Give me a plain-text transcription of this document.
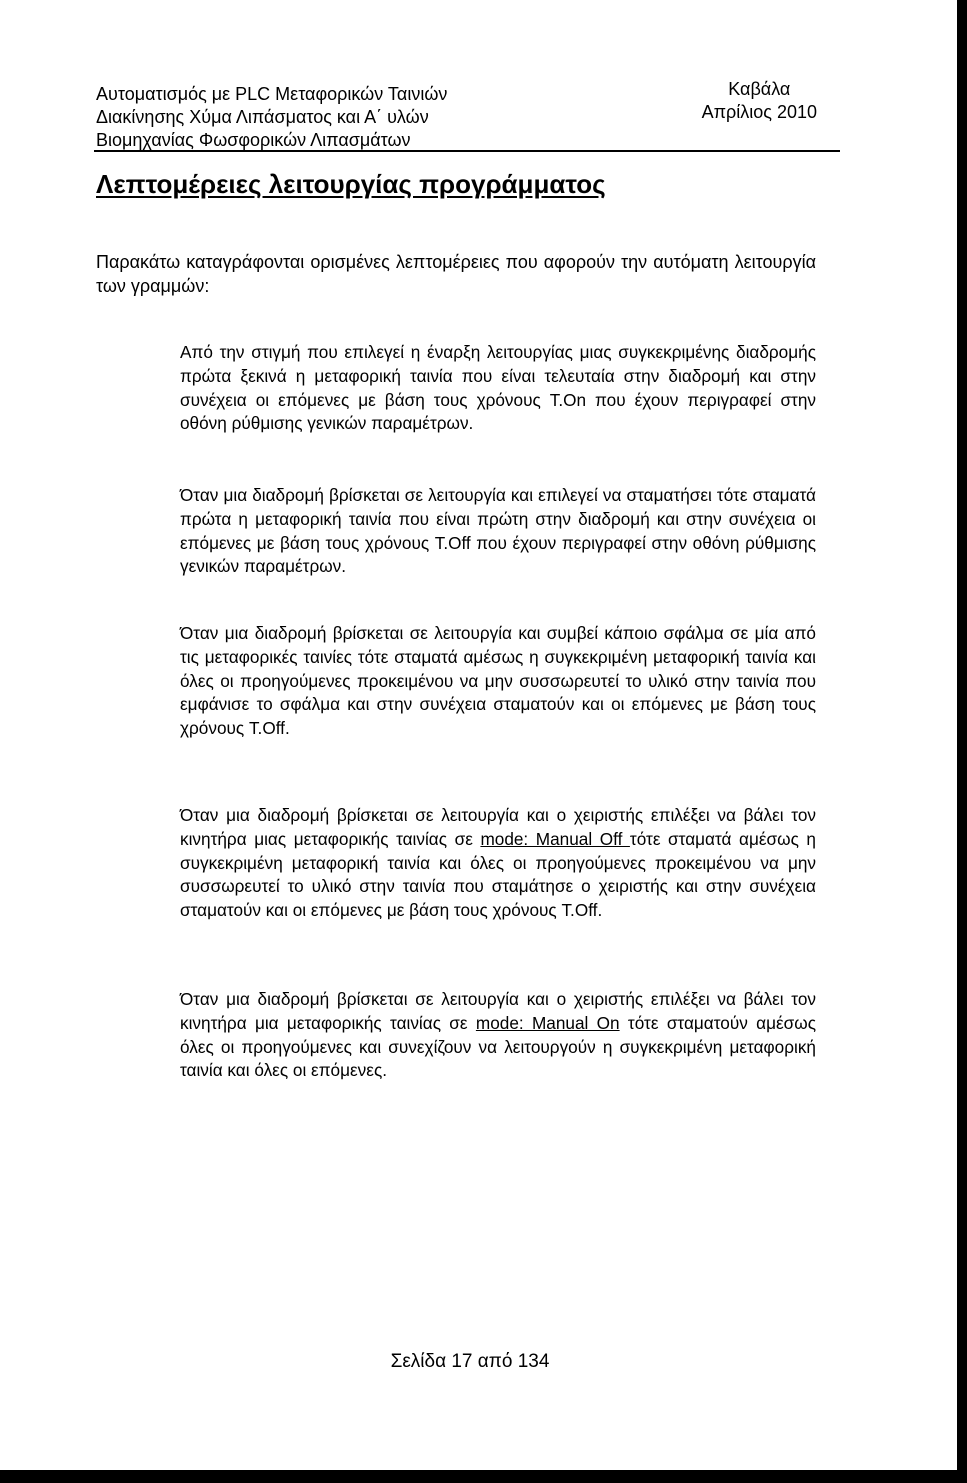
Αυτοματισμός με PLC Μεταφορικών Ταινιών
Διακίνησης Χύμα Λιπάσματος και Α΄ υλών
Βιομηχανίας Φωσφορικών Λιπασμάτων
Καβάλα
Απρίλιος 2010
Λεπτομέρειες λειτουργίας προγράμματος
Παρακάτω καταγράφονται ορισμένες λεπτομέρειες που αφορούν την αυτόματη λειτουργία των γραμμών:
Από την στιγμή που επιλεγεί η έναρξη λειτουργίας μιας συγκεκριμένης διαδρομής πρώτα ξεκινά η μεταφορική ταινία που είναι τελευταία στην διαδρομή και στην συνέχεια οι επόμενες με βάση τους χρόνους T.On που έχουν περιγραφεί στην οθόνη ρύθμισης γενικών παραμέτρων.
Όταν μια διαδρομή βρίσκεται σε λειτουργία και επιλεγεί να σταματήσει τότε σταματά πρώτα η μεταφορική ταινία που είναι πρώτη στην διαδρομή και στην συνέχεια οι επόμενες με βάση τους χρόνους T.Off που έχουν περιγραφεί στην οθόνη ρύθμισης γενικών παραμέτρων.
Όταν μια διαδρομή βρίσκεται σε λειτουργία και συμβεί κάποιο σφάλμα σε μία από τις μεταφορικές ταινίες τότε σταματά αμέσως η συγκεκριμένη μεταφορική ταινία και όλες οι προηγούμενες προκειμένου να μην συσσωρευτεί το υλικό στην ταινία που εμφάνισε το σφάλμα και στην συνέχεια σταματούν και οι επόμενες με βάση τους χρόνους T.Off.
Όταν μια διαδρομή βρίσκεται σε λειτουργία και ο χειριστής επιλέξει να βάλει τον κινητήρα μιας μεταφορικής ταινίας σε mode: Manual Off τότε σταματά αμέσως η συγκεκριμένη μεταφορική ταινία και όλες οι προηγούμενες προκειμένου να μην συσσωρευτεί το υλικό στην ταινία που σταμάτησε ο χειριστής και στην συνέχεια σταματούν και οι επόμενες με βάση τους χρόνους T.Off.
Όταν μια διαδρομή βρίσκεται σε λειτουργία και ο χειριστής επιλέξει να βάλει τον κινητήρα μια μεταφορικής ταινίας σε mode: Manual On τότε σταματούν αμέσως όλες οι προηγούμενες και συνεχίζουν να λειτουργούν η συγκεκριμένη μεταφορική ταινία και όλες οι επόμενες.
Σελίδα 17 από 134
